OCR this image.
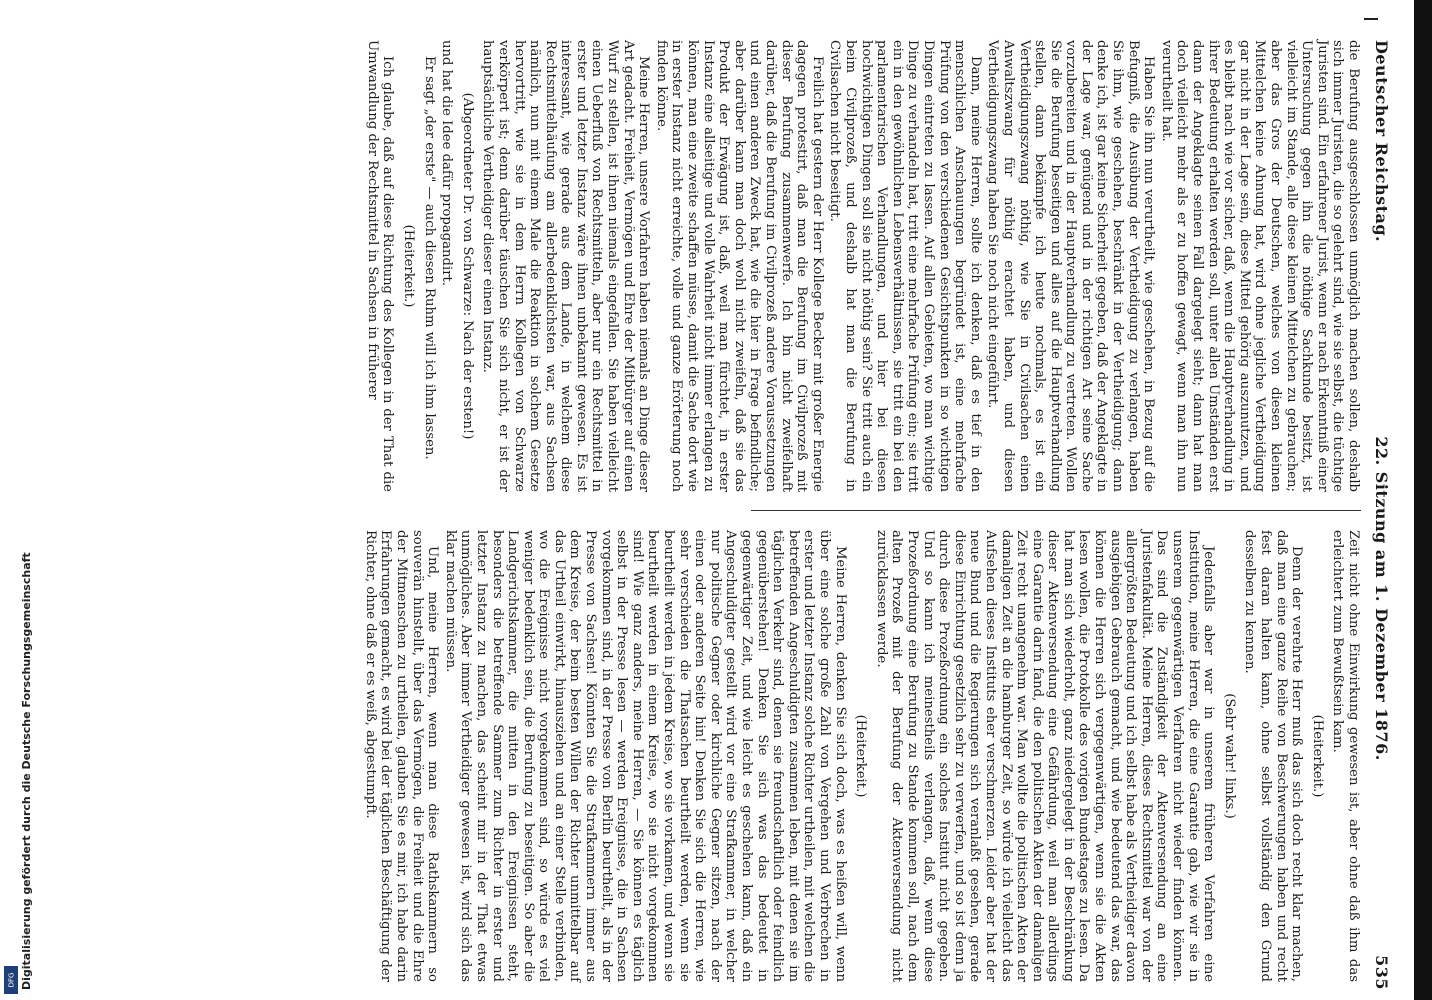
Deutscher Reichstag.
22. Sitzung am 1. Dezember 1876.
535

die Berufung ausgeschlossen unmöglich machen sollen, deshalb sich immer Juristen, die so gelehrt sind, wie sie selbst, die tüchtige Juristen sind. Ein erfahrener Jurist, wenn er nach Erkenntniß einer Untersuchung gegen ihn die nöthige Sachkunde besitzt, ist vielleicht im Stande, alle diese kleinen Mittelchen zu gebrauchen; aber das Gros der Deutschen, welches von diesen kleinen Mittelchen keine Ahnung hat, wird ohne jegliche Vertheidigung gar nicht in der Lage sein, diese Mittel gehörig auszunutzen, und es bleibt nach wie vor sicher, daß, wenn die Hauptverhandlung in ihrer Bedeutung erhalten werden soll, unter allen Umständen erst dann der Angeklagte seinen Fall dargelegt sieht; dann hat man doch vielleicht mehr als er zu hoffen gewagt, wenn man ihn nun verurtheilt hat.

Haben Sie ihn nun verurtheilt, wie geschehen, in Bezug auf die Befugniß, die Ausübung der Vertheidigung zu verlangen, haben Sie ihm, wie geschehen, beschränkt in der Vertheidigung; dann denke ich, ist gar keine Sicherheit gegeben, daß der Angeklagte in der Lage war, genügend und in der richtigen Art seine Sache vorzubereiten und in der Hauptverhandlung zu vertreten. Wollen Sie die Berufung beseitigen und alles auf die Hauptverhandlung stellen, dann bekämpfe ich heute nochmals, es ist ein Vertheidigungszwang nöthig, wie Sie in Civilsachen einen Anwaltszwang für nöthig erachtet haben, und diesen Vertheidigungszwang haben Sie noch nicht eingeführt.

Dann, meine Herren, sollte ich denken, daß es tief in den menschlichen Anschauungen begründet ist, eine mehrfache Prüfung von den verschiedenen Gesichtspunkten in so wichtigen Dingen eintreten zu lassen. Auf allen Gebieten, wo man wichtige Dinge zu verhandeln hat, tritt eine mehrfache Prüfung ein; sie tritt ein in den gewöhnlichen Lebensverhältnissen, sie tritt ein bei den parlamentarischen Verhandlungen, und hier bei diesen hochwichtigen Dingen soll sie nicht nöthig sein? Sie tritt auch ein beim Civilprozeß, und deshalb hat man die Berufung in Civilsachen nicht beseitigt.

Freilich hat gestern der Herr Kollege Becker mit großer Energie dagegen protestirt, daß man die Berufung im Civilprozeß mit dieser Berufung zusammenwerfe. Ich bin nicht zweifelhaft darüber, daß die Berufung im Civilprozeß andere Voraussetzungen und einen anderen Zweck hat, wie die hier in Frage befindliche; aber darüber kann man doch wohl nicht zweifeln, daß sie das Produkt der Erwägung ist, daß, weil man fürchtet, in erster Instanz eine allseitige und volle Wahrheit nicht immer erlangen zu können, man eine zweite schaffen müsse, damit die Sache dort wie in erster Instanz nicht erreichte, volle und ganze Erörterung noch finden könne.

Meine Herren, unsere Vorfahren haben niemals an Dinge dieser Art gedacht. Freiheit, Vermögen und Ehre der Mitbürger auf einen Wurf zu stellen, ist ihnen niemals eingefallen. Sie haben vielleicht einen Ueberfluß von Rechtsmitteln, aber nur ein Rechtsmittel in erster und letzter Instanz wäre ihnen unbekannt gewesen. Es ist interessant, wie gerade aus dem Lande, in welchem diese Rechtsmittelhäufung am allerbedenklichsten war, aus Sachsen nämlich, nun mit einem Male die Reaktion in solchem Gesetze hervortritt, wie sie in dem Herrn Kollegen von Schwarze verkörpert ist; denn darüber täuschen Sie sich nicht, er ist der hauptsächliche Vertheidiger dieser einen Instanz.

(Abgeordneter Dr. von Schwarze: Nach der ersten!)

und hat die Idee dafür propagandirt.

Er sagt „der erste" — auch diesen Ruhm will ich ihm lassen.

(Heiterkeit.)

Ich glaube, daß auf diese Richtung des Kollegen in der That die Umwandlung der Rechtsmittel in Sachsen in früherer

Zeit nicht ohne Einwirkung gewesen ist, aber ohne daß ihm das erleichtert zum Bewußtsein kam.

(Heiterkeit.)

Denn der verehrte Herr muß das sich doch recht klar machen, daß man eine ganze Reihe von Beschwerungen haben und recht fest daran halten kann, ohne selbst vollständig den Grund desselben zu kennen.

(Sehr wahr! links.)

Jedenfalls aber war in unserem früheren Verfahren eine Institution, meine Herren, die eine Garantie gab, wie wir sie in unserem gegenwärtigen Verfahren nicht wieder finden können. Das sind die Zuständigkeit der Aktenversendung an eine Juristenfakultät. Meine Herren, dieses Rechtsmittel war von der allergrößten Bedeutung und ich selbst habe als Vertheidiger davon ausgiebigen Gebrauch gemacht, und wie bedeutend das war, das können die Herren sich vergegenwärtigen, wenn sie die Akten lesen wollen, die Protokolle des vorigen Bundestages zu lesen. Da hat man sich wiederholt, ganz niedergelegt in der Beschränkung dieser Aktenversendung eine Gefährdung, weil man allerdings eine Garantie darin fand, die den politischen Akten der damaligen Zeit recht unangenehm war. Man wollte die politischen Akten der damaligen Zeit an die hamburger Zeit, so würde ich vielleicht das Aufsehen dieses Instituts eher verschmerzen. Leider aber hat der neue Bund und die Regierungen sich veranlaßt gesehen, gerade diese Einrichtung gesetzlich sehr zu verwerfen, und so ist denn ja durch diese Prozeßordnung ein solches Institut nicht gegeben. Und so kann ich meinestheils verlangen, daß, wenn diese Prozeßordnung eine Berufung zu Stande kommen soll, nach dem alten Prozeß mit der Berufung der Aktenversendung nicht zurücklassen werde.

(Heiterkeit.)

Meine Herren, denken Sie sich doch, was es heißen will, wenn über eine solche große Zahl von Vergehen und Verbrechen in erster und letzter Instanz solche Richter urtheilen, mit welchen die betreffenden Angeschuldigten zusammen leben, mit denen sie im täglichen Verkehr sind, denen sie freundschaftlich oder feindlich gegenüberstehen! Denken Sie sich was das bedeutet in gegenwärtiger Zeit, und wie leicht es geschehen kann, daß ein Angeschuldigter gestellt wird vor eine Strafkammer, in welcher nur politische Gegner oder kirchliche Gegner sitzen, nach der einen oder anderen Seite hin! Denken Sie sich die Herren, wie sehr verschieden die Thatsachen beurtheilt werden, wenn sie beurtheilt werden in jedem Kreise, wo sie vorkamen, und wenn sie beurtheilt werden in einem Kreise, wo sie nicht vorgekommen sind! Wie ganz anders, meine Herren, — Sie können es täglich selbst in der Presse lesen — werden Ereignisse, die in Sachsen vorgekommen sind, in der Presse von Berlin beurtheilt, als in der Presse von Sachsen! Könnten Sie die Strafkammern immer aus dem Kreise, der beim besten Willen der Richter unmittelbar auf das Urtheil einwirkt, hinausziehen und an einer Stelle verbinden, wo die Ereignisse nicht vorgekommen sind, so würde es viel weniger bedenklich sein, die Berufung zu beseitigen. So aber die Landgerichtskammer, die mitten in den Ereignissen steht, besonders die betreffende Sammer zum Richter in erster und letzter Instanz zu machen, das scheint mir in der That etwas unmögliches. Aber immer Vertheidiger gewesen ist, wird sich das klar machen müssen.

Und, meine Herren, wenn man diese Rathskammern so souverän hinstellt, über das Vermögen, die Freiheit und die Ehre der Mitmenschen zu urtheilen, glauben Sie es mir, ich habe darin Erfahrungen gemacht, es wird bei der täglichen Beschäftigung der Richter, ohne daß er es weiß, abgestumpft.

Digitalisierung gefördert durch die Deutsche Forschungsgemeinschaft
DFG
